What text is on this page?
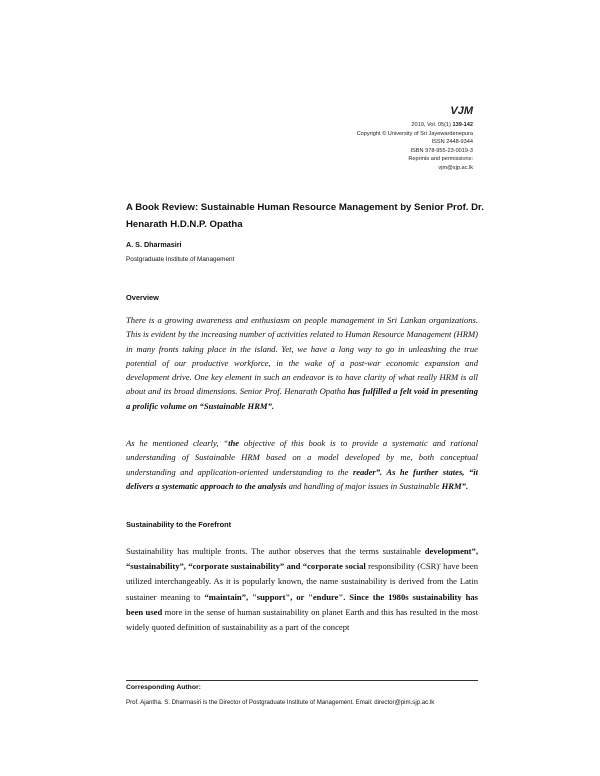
VJM
2019, Vol. 05(1) 139-142
Copyright © University of Sri Jayewardenepura
ISSN 2448-9344
ISBN 978-955-23-0019-3
Reprints and permissions:
vjm@sjp.ac.lk
A Book Review: Sustainable Human Resource Management by Senior Prof. Dr. Henarath H.D.N.P. Opatha
A. S. Dharmasiri
Postgraduate Institute of Management
Overview
There is a growing awareness and enthusiasm on people management in Sri Lankan organizations. This is evident by the increasing number of activities related to Human Resource Management (HRM) in many fronts taking place in the island. Yet, we have a long way to go in unleashing the true potential of our productive workforce, in the wake of a post-war economic expansion and development drive. One key element in such an endeavor is to have clarity of what really HRM is all about and its broad dimensions. Senior Prof. Henarath Opatha has fulfilled a felt void in presenting a prolific volume on “Sustainable HRM”.
As he mentioned clearly, “the objective of this book is to provide a systematic and rational understanding of Sustainable HRM based on a model developed by me, both conceptual understanding and application-oriented understanding to the reader”. As he further states, “it delivers a systematic approach to the analysis and handling of major issues in Sustainable HRM”.
Sustainability to the Forefront
Sustainability has multiple fronts. The author observes that the terms sustainable development”, “sustainability”, “corporate sustainability” and “corporate social responsibility (CSR)' have been utilized interchangeably. As it is popularly known, the name sustainability is derived from the Latin sustainer meaning to “maintain”, "support", or "endure". Since the 1980s sustainability has been used more in the sense of human sustainability on planet Earth and this has resulted in the most widely quoted definition of sustainability as a part of the concept
Corresponding Author:
Prof. Ajantha. S. Dharmasiri is the Director of Postgraduate Institute of Management. Email: director@pim.sjp.ac.lk
